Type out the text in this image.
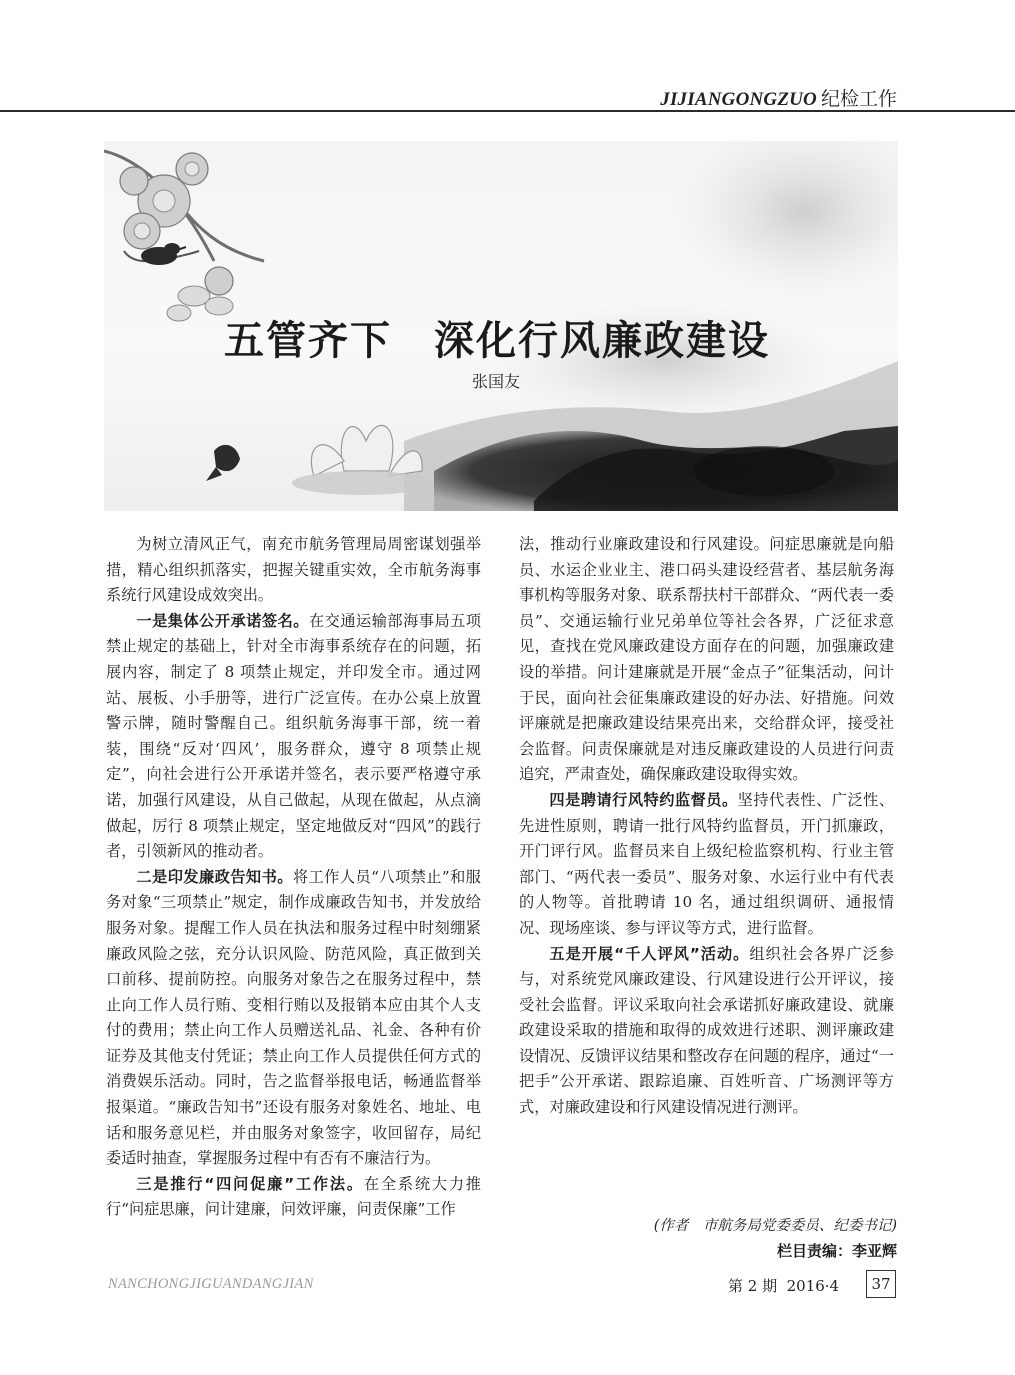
JIJIANGONGZUO 纪检工作
五管齐下　深化行风廉政建设
张国友

为树立清风正气，南充市航务管理局周密谋划强举措，精心组织抓落实，把握关键重实效，全市航务海事系统行风建设成效突出。

一是集体公开承诺签名。在交通运输部海事局五项禁止规定的基础上，针对全市海事系统存在的问题，拓展内容，制定了 8 项禁止规定，并印发全市。通过网站、展板、小手册等，进行广泛宣传。在办公桌上放置警示牌，随时警醒自己。组织航务海事干部，统一着装，围绕“反对‘四风’，服务群众，遵守 8 项禁止规定”，向社会进行公开承诺并签名，表示要严格遵守承诺，加强行风建设，从自己做起，从现在做起，从点滴做起，厉行 8 项禁止规定，坚定地做反对“四风”的践行者，引领新风的推动者。

二是印发廉政告知书。将工作人员“八项禁止”和服务对象“三项禁止”规定，制作成廉政告知书，并发放给服务对象。提醒工作人员在执法和服务过程中时刻绷紧廉政风险之弦，充分认识风险、防范风险，真正做到关口前移、提前防控。向服务对象告之在服务过程中，禁止向工作人员行贿、变相行贿以及报销本应由其个人支付的费用；禁止向工作人员赠送礼品、礼金、各种有价证券及其他支付凭证；禁止向工作人员提供任何方式的消费娱乐活动。同时，告之监督举报电话，畅通监督举报渠道。“廉政告知书”还设有服务对象姓名、地址、电话和服务意见栏，并由服务对象签字，收回留存，局纪委适时抽查，掌握服务过程中有否有不廉洁行为。

三是推行“四问促廉”工作法。在全系统大力推行“问症思廉，问计建廉，问效评廉，问责保廉”工作

法，推动行业廉政建设和行风建设。问症思廉就是向船员、水运企业业主、港口码头建设经营者、基层航务海事机构等服务对象、联系帮扶村干部群众、“两代表一委员”、交通运输行业兄弟单位等社会各界，广泛征求意见，查找在党风廉政建设方面存在的问题，加强廉政建设的举措。问计建廉就是开展“金点子”征集活动，问计于民，面向社会征集廉政建设的好办法、好措施。问效评廉就是把廉政建设结果亮出来，交给群众评，接受社会监督。问责保廉就是对违反廉政建设的人员进行问责追究，严肃查处，确保廉政建设取得实效。

四是聘请行风特约监督员。坚持代表性、广泛性、先进性原则，聘请一批行风特约监督员，开门抓廉政，开门评行风。监督员来自上级纪检监察机构、行业主管部门、“两代表一委员”、服务对象、水运行业中有代表的人物等。首批聘请 10 名，通过组织调研、通报情况、现场座谈、参与评议等方式，进行监督。

五是开展“千人评风”活动。组织社会各界广泛参与，对系统党风廉政建设、行风建设进行公开评议，接受社会监督。评议采取向社会承诺抓好廉政建设、就廉政建设采取的措施和取得的成效进行述职、测评廉政建设情况、反馈评议结果和整改存在问题的程序，通过“一把手”公开承诺、跟踪追廉、百姓听音、广场测评等方式，对廉政建设和行风建设情况进行测评。

(作者　市航务局党委委员、纪委书记)
栏目责编：李亚辉
NANCHONGJIGUANDANGJIAN	第 2 期  2016·4	37
